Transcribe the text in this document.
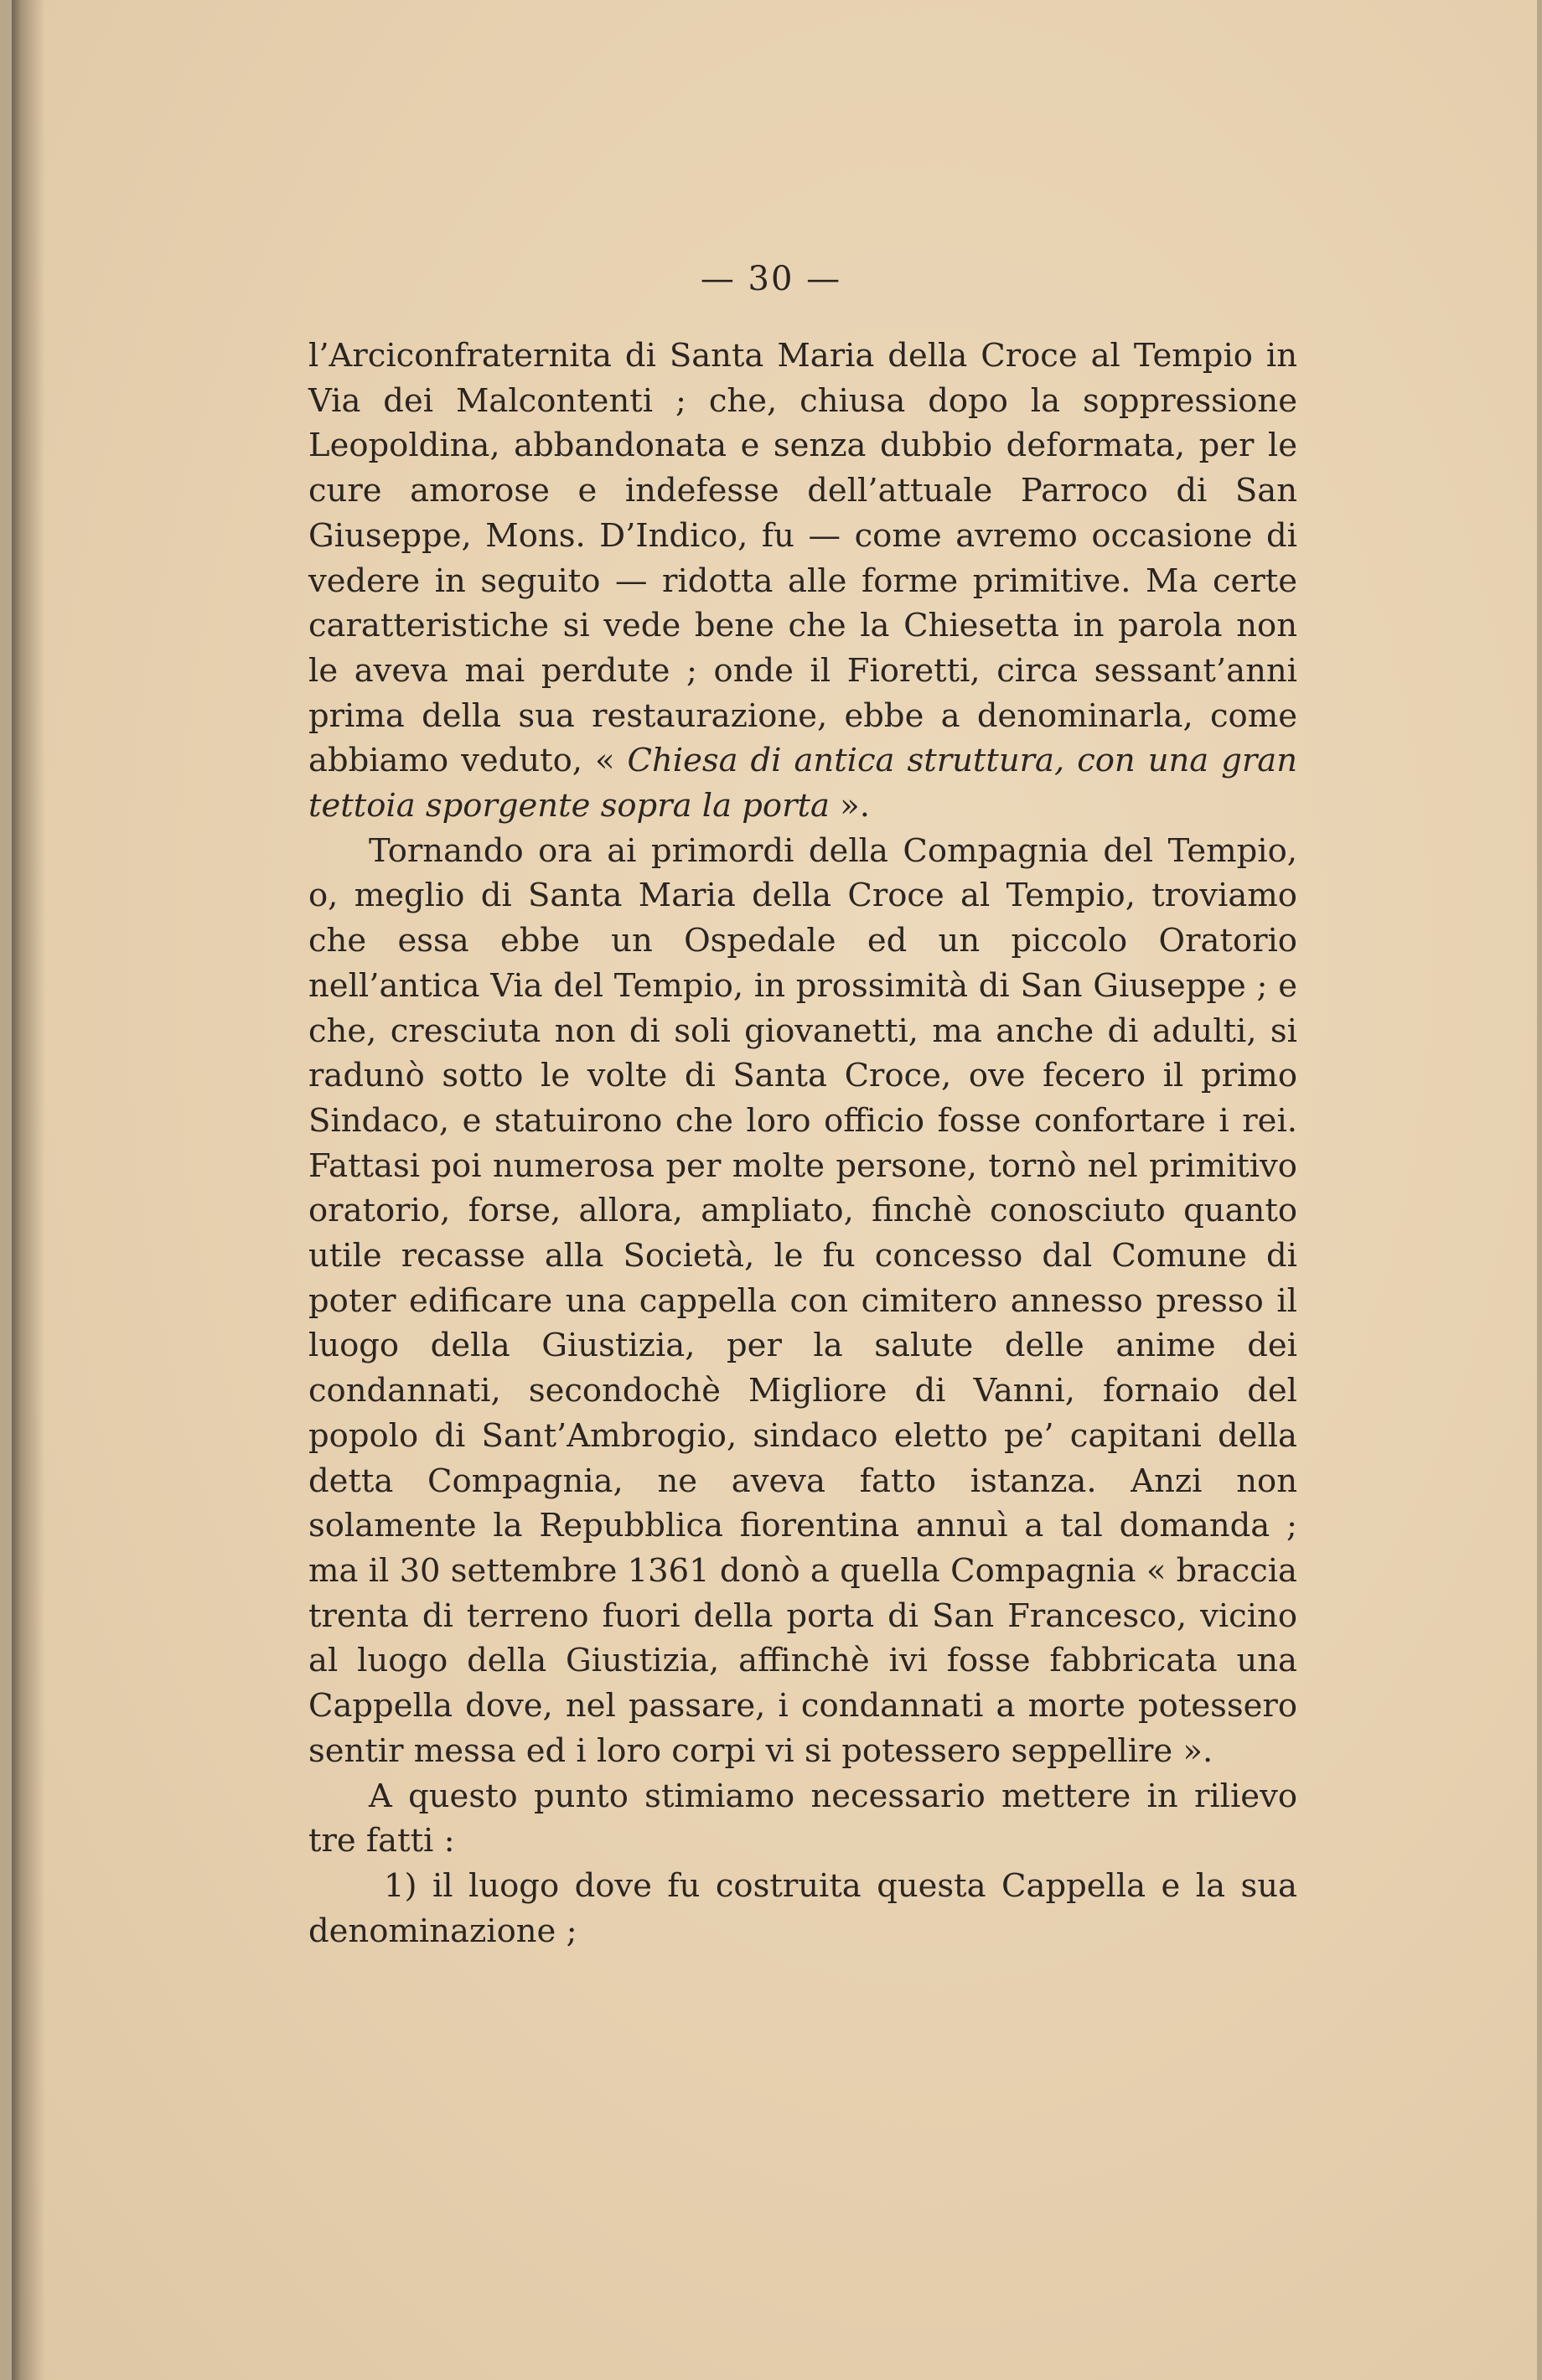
— 30 —

l’Arciconfraternita di Santa Maria della Croce al Tempio in Via dei Malcontenti ; che, chiusa dopo la soppressione Leopoldina, abbandonata e senza dubbio deformata, per le cure amorose e indefesse dell’attuale Parroco di San Giuseppe, Mons. D’Indico, fu — come avremo occasione di vedere in seguito — ridotta alle forme primitive. Ma certe caratteristiche si vede bene che la Chiesetta in parola non le aveva mai perdute ; onde il Fioretti, circa sessant’anni prima della sua restaurazione, ebbe a denominarla, come abbiamo veduto, « Chiesa di antica struttura, con una gran tettoia sporgente sopra la porta ».

Tornando ora ai primordi della Compagnia del Tempio, o, meglio di Santa Maria della Croce al Tempio, troviamo che essa ebbe un Ospedale ed un piccolo Oratorio nell’antica Via del Tempio, in prossimità di San Giuseppe ; e che, cresciuta non di soli giovanetti, ma anche di adulti, si radunò sotto le volte di Santa Croce, ove fecero il primo Sindaco, e statuirono che loro officio fosse confortare i rei. Fattasi poi numerosa per molte persone, tornò nel primitivo oratorio, forse, allora, ampliato, finchè conosciuto quanto utile recasse alla Società, le fu concesso dal Comune di poter edificare una cappella con cimitero annesso presso il luogo della Giustizia, per la salute delle anime dei condannati, secondochè Migliore di Vanni, fornaio del popolo di Sant’Ambrogio, sindaco eletto pe’ capitani della detta Compagnia, ne aveva fatto istanza. Anzi non solamente la Repubblica fiorentina annuì a tal domanda ; ma il 30 settembre 1361 donò a quella Compagnia « braccia trenta di terreno fuori della porta di San Francesco, vicino al luogo della Giustizia, affinchè ivi fosse fabbricata una Cappella dove, nel passare, i condannati a morte potessero sentir messa ed i loro corpi vi si potessero seppellire ».

A questo punto stimiamo necessario mettere in rilievo tre fatti :

1) il luogo dove fu costruita questa Cappella e la sua denominazione ;
